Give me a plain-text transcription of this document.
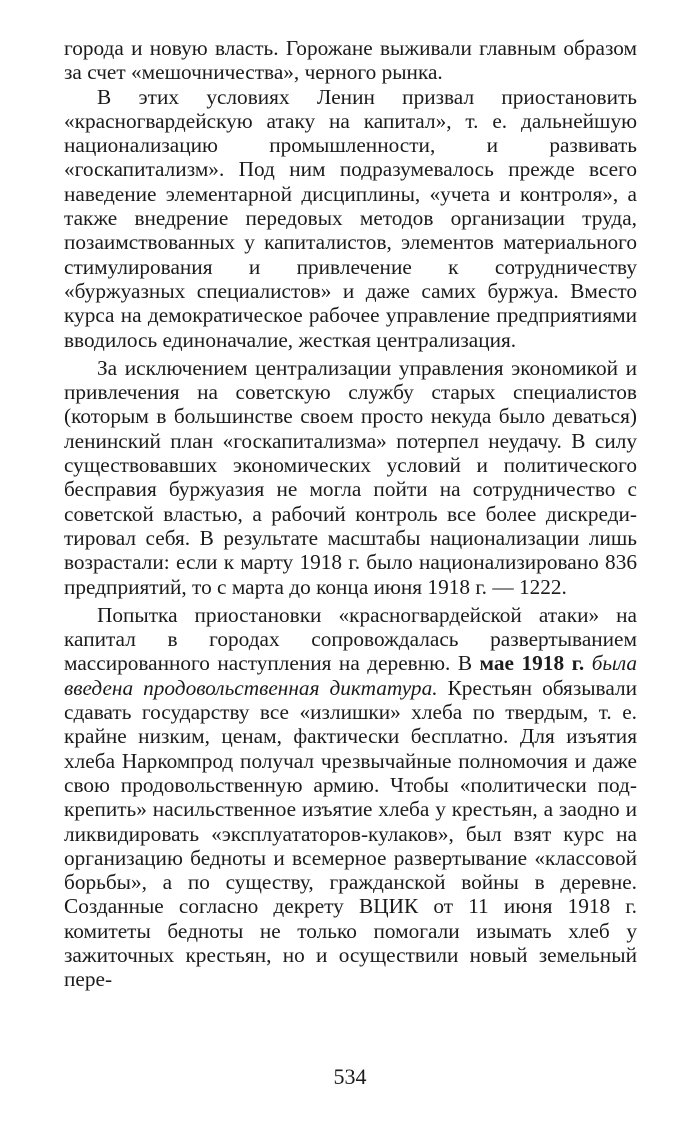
города и новую власть. Горожане выживали главным образом за счет «мешочничества», черного рынка.

В этих условиях Ленин призвал приостановить «красногвардейскую атаку на капитал», т. е. дальнейшую национализацию промышленности, и развивать «госкапитализм». Под ним подразумевалось прежде всего наведение элементарной дисциплины, «учета и контроля», а также внедрение передовых методов организации труда, позаимствованных у капиталистов, элементов материального стимулирования и привлечение к сотрудничеству «буржуазных специалистов» и даже самих буржуа. Вместо курса на демократическое рабочее управление предприятиями вводилось единоначалие, жесткая централизация.

За исключением централизации управления экономикой и привлечения на советскую службу старых специалистов (которым в большинстве своем просто некуда было деваться) ленинский план «госкапитализма» потерпел неудачу. В силу существовавших экономических условий и политического бесправия буржуазия не могла пойти на сотрудничество с советской властью, а рабочий контроль все более дискредитировал себя. В результате масштабы национализации лишь возрастали: если к марту 1918 г. было национализировано 836 предприятий, то с марта до конца июня 1918 г. — 1222.

Попытка приостановки «красногвардейской атаки» на капитал в городах сопровождалась развертыванием массированного наступления на деревню. В мае 1918 г. была введена продовольственная диктатура. Крестьян обязывали сдавать государству все «излишки» хлеба по твердым, т. е. крайне низким, ценам, фактически бесплатно. Для изъятия хлеба Наркомпрод получал чрезвычайные полномочия и даже свою продовольственную армию. Чтобы «политически подкрепить» насильственное изъятие хлеба у крестьян, а заодно и ликвидировать «эксплуататоров-кулаков», был взят курс на организацию бедноты и всемерное развертывание «классовой борьбы», а по существу, гражданской войны в деревне. Созданные согласно декрету ВЦИК от 11 июня 1918 г. комитеты бедноты не только помогали изымать хлеб у зажиточных крестьян, но и осуществили новый земельный пере-

534
